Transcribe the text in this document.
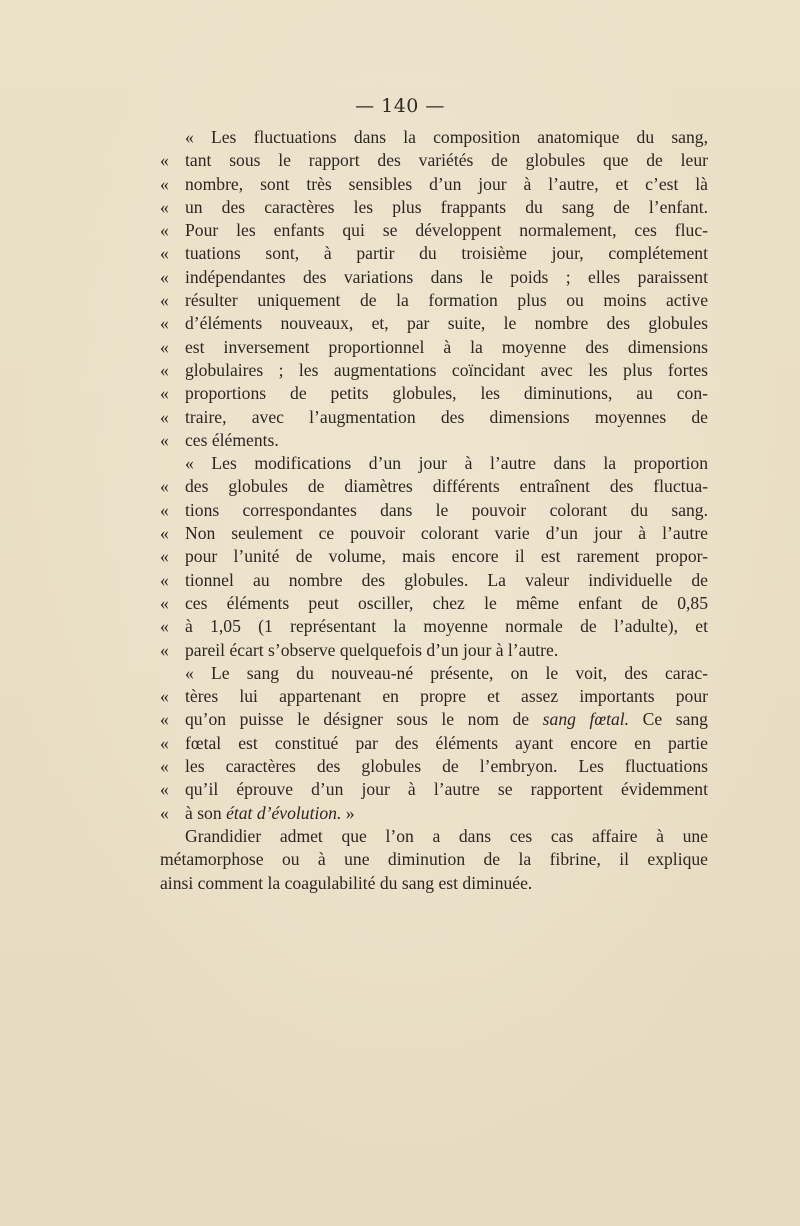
— 140 —
« Les fluctuations dans la composition anatomique du sang,
« tant sous le rapport des variétés de globules que de leur
« nombre, sont très sensibles d’un jour à l’autre, et c’est là
« un des caractères les plus frappants du sang de l’enfant.
« Pour les enfants qui se développent normalement, ces fluc-
« tuations sont, à partir du troisième jour, complétement
« indépendantes des variations dans le poids ; elles paraissent
« résulter uniquement de la formation plus ou moins active
« d’éléments nouveaux, et, par suite, le nombre des globules
« est inversement proportionnel à la moyenne des dimensions
« globulaires ; les augmentations coïncidant avec les plus fortes
« proportions de petits globules, les diminutions, au con-
« traire, avec l’augmentation des dimensions moyennes de
« ces éléments.
« Les modifications d’un jour à l’autre dans la proportion
« des globules de diamètres différents entraînent des fluctua-
« tions correspondantes dans le pouvoir colorant du sang.
« Non seulement ce pouvoir colorant varie d’un jour à l’autre
« pour l’unité de volume, mais encore il est rarement propor-
« tionnel au nombre des globules. La valeur individuelle de
« ces éléments peut osciller, chez le même enfant de 0,85
« à 1,05 (1 représentant la moyenne normale de l’adulte), et
« pareil écart s’observe quelquefois d’un jour à l’autre.
« Le sang du nouveau-né présente, on le voit, des carac-
« tères lui appartenant en propre et assez importants pour
« qu’on puisse le désigner sous le nom de sang fœtal. Ce sang
« fœtal est constitué par des éléments ayant encore en partie
« les caractères des globules de l’embryon. Les fluctuations
« qu’il éprouve d’un jour à l’autre se rapportent évidemment
« à son état d’évolution. »
Grandidier admet que l’on a dans ces cas affaire à une
métamorphose ou à une diminution de la fibrine, il explique
ainsi comment la coagulabilité du sang est diminuée.
